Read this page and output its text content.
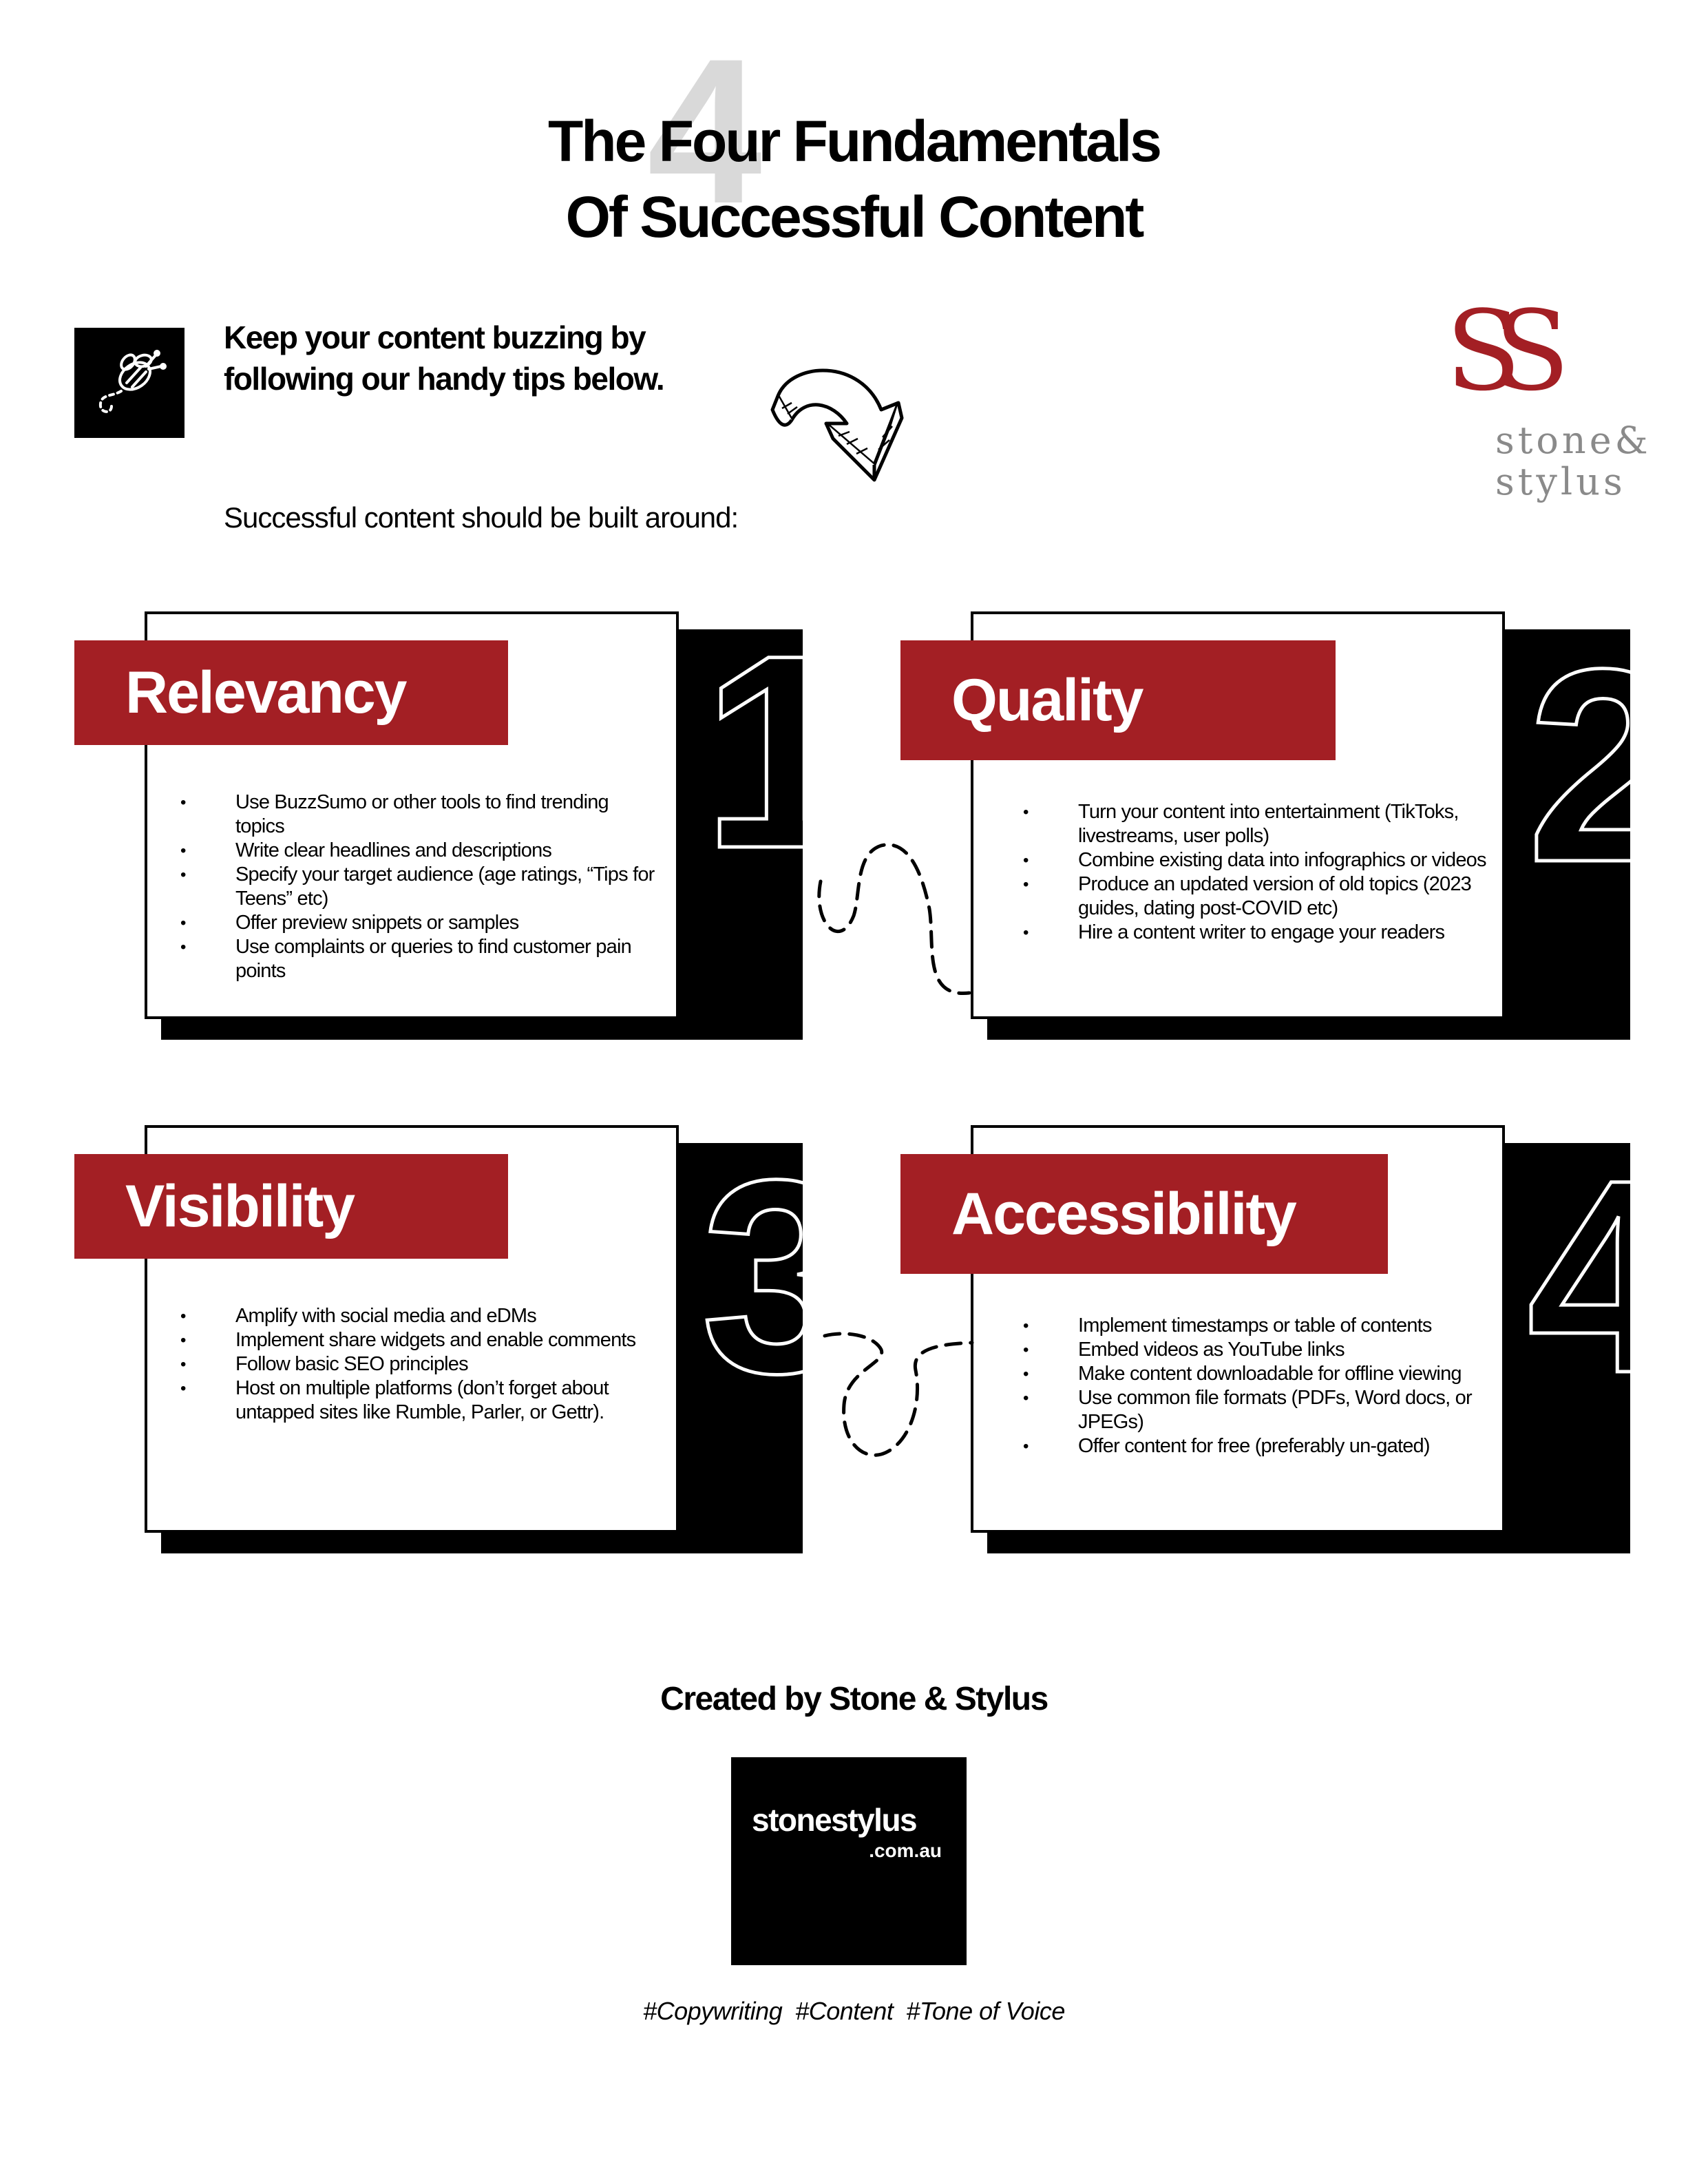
4
The Four Fundamentals
Of Successful Content
Keep your content buzzing by following our handy tips below.
Successful content should be built around:
SS
stone&
stylus
1
Relevancy
• Use BuzzSumo or other tools to find trending topics
• Write clear headlines and descriptions
• Specify your target audience (age ratings, “Tips for Teens” etc)
• Offer preview snippets or samples
• Use complaints or queries to find customer pain points
2
Quality
• Turn your content into entertainment (TikToks, livestreams, user polls)
• Combine existing data into infographics or videos
• Produce an updated version of old topics (2023 guides, dating post-COVID etc)
• Hire a content writer to engage your readers
3
Visibility
• Amplify with social media and eDMs
• Implement share widgets and enable comments
• Follow basic SEO principles
• Host on multiple platforms (don’t forget about untapped sites like Rumble, Parler, or Gettr).	4
Accessibility
• Implement timestamps or table of contents
• Embed videos as YouTube links
• Make content downloadable for offline viewing
• Use common file formats (PDFs, Word docs, or JPEGs)
• Offer content for free (preferably un-gated)
Created by Stone & Stylus
stonestylus
.com.au
#Copywriting  #Content  #Tone of Voice
